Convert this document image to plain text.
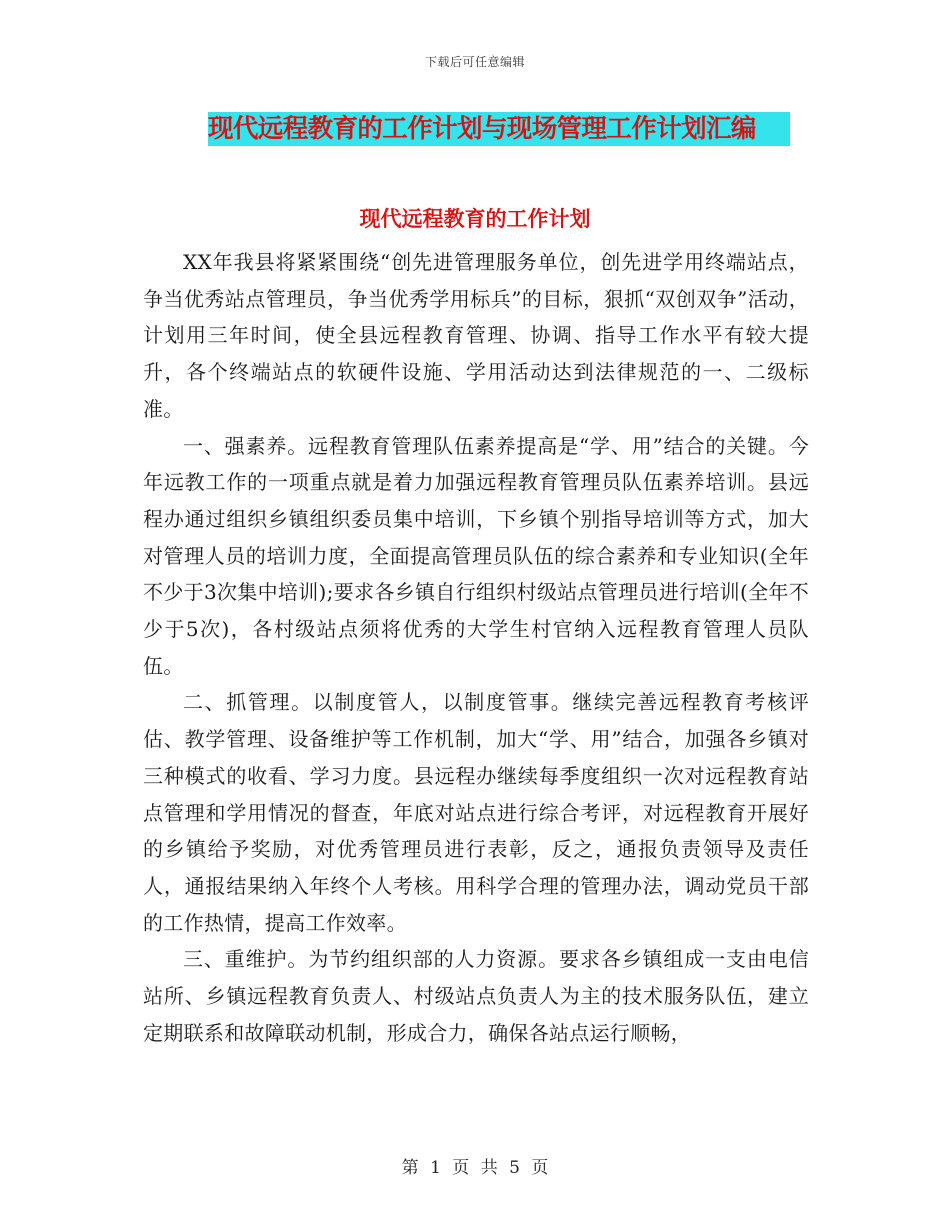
下载后可任意编辑
现代远程教育的工作计划与现场管理工作计划汇编
现代远程教育的工作计划

XX年我县将紧紧围绕“创先进管理服务单位，创先进学用终端站点，争当优秀站点管理员，争当优秀学用标兵”的目标，狠抓“双创双争”活动，计划用三年时间，使全县远程教育管理、协调、指导工作水平有较大提升，各个终端站点的软硬件设施、学用活动达到法律规范的一、二级标准。

一、强素养。远程教育管理队伍素养提高是“学、用”结合的关键。今年远教工作的一项重点就是着力加强远程教育管理员队伍素养培训。县远程办通过组织乡镇组织委员集中培训，下乡镇个别指导培训等方式，加大对管理人员的培训力度，全面提高管理员队伍的综合素养和专业知识(全年不少于3次集中培训);要求各乡镇自行组织村级站点管理员进行培训(全年不少于5次)，各村级站点须将优秀的大学生村官纳入远程教育管理人员队伍。

二、抓管理。以制度管人，以制度管事。继续完善远程教育考核评估、教学管理、设备维护等工作机制，加大“学、用”结合，加强各乡镇对三种模式的收看、学习力度。县远程办继续每季度组织一次对远程教育站点管理和学用情况的督查，年底对站点进行综合考评，对远程教育开展好的乡镇给予奖励，对优秀管理员进行表彰，反之，通报负责领导及责任人，通报结果纳入年终个人考核。用科学合理的管理办法，调动党员干部的工作热情，提高工作效率。

三、重维护。为节约组织部的人力资源。要求各乡镇组成一支由电信站所、乡镇远程教育负责人、村级站点负责人为主的技术服务队伍，建立定期联系和故障联动机制，形成合力，确保各站点运行顺畅，

第 1 页 共 5 页
